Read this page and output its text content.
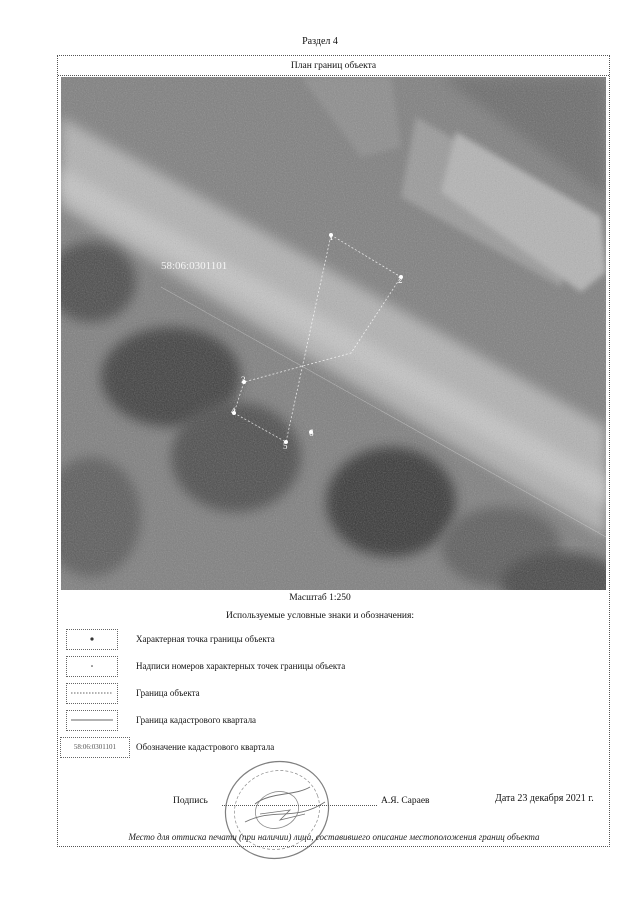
Раздел 4
План границ объекта
1
2
3
4
5
6
58:06:0301101
Масштаб 1:250
Используемые условные знаки и обозначения:
Характерная точка границы объекта
Надписи номеров характерных точек границы объекта
Граница объекта
Граница кадастрового квартала
58:06:0301101	Обозначение кадастрового квартала
Подпись	А.Я. Сараев	Дата 23 декабря 2021 г.
Место для оттиска печати (при наличии) лица, составившего описание местоположения границ объекта
